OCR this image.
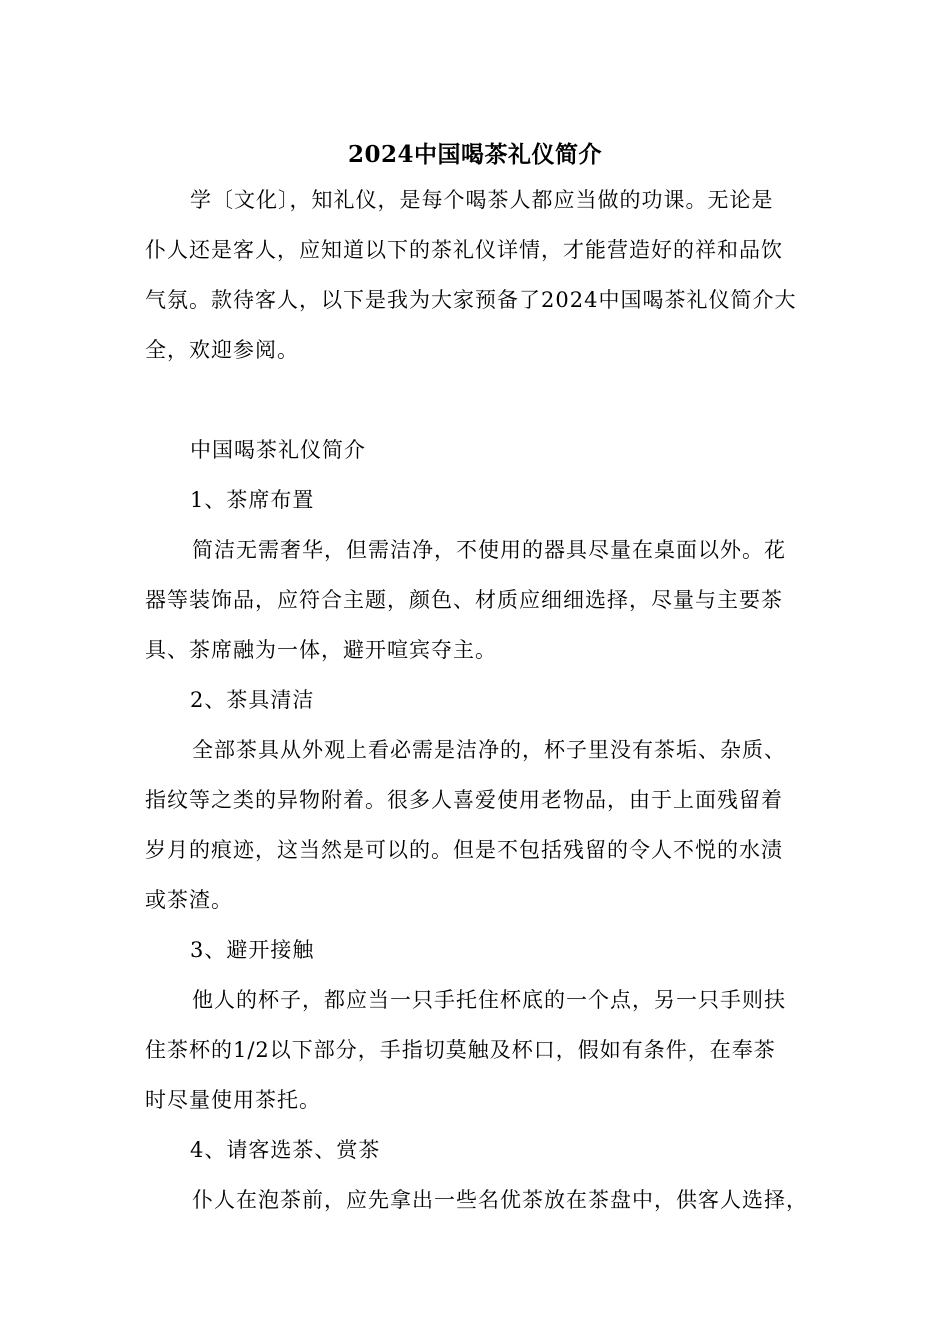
2024中国喝茶礼仪简介
学〔文化〕，知礼仪，是每个喝茶人都应当做的功课。无论是
仆人还是客人，应知道以下的茶礼仪详情，才能营造好的祥和品饮
气氛。款待客人，以下是我为大家预备了2024中国喝茶礼仪简介大
全，欢迎参阅。
中国喝茶礼仪简介
1、茶席布置
简洁无需奢华，但需洁净，不使用的器具尽量在桌面以外。花
器等装饰品，应符合主题，颜色、材质应细细选择，尽量与主要茶
具、茶席融为一体，避开喧宾夺主。
2、茶具清洁
全部茶具从外观上看必需是洁净的，杯子里没有茶垢、杂质、
指纹等之类的异物附着。很多人喜爱使用老物品，由于上面残留着
岁月的痕迹，这当然是可以的。但是不包括残留的令人不悦的水渍
或茶渣。
3、避开接触
他人的杯子，都应当一只手托住杯底的一个点，另一只手则扶
住茶杯的1/2以下部分，手指切莫触及杯口，假如有条件，在奉茶
时尽量使用茶托。
4、请客选茶、赏茶
仆人在泡茶前，应先拿出一些名优茶放在茶盘中，供客人选择，
